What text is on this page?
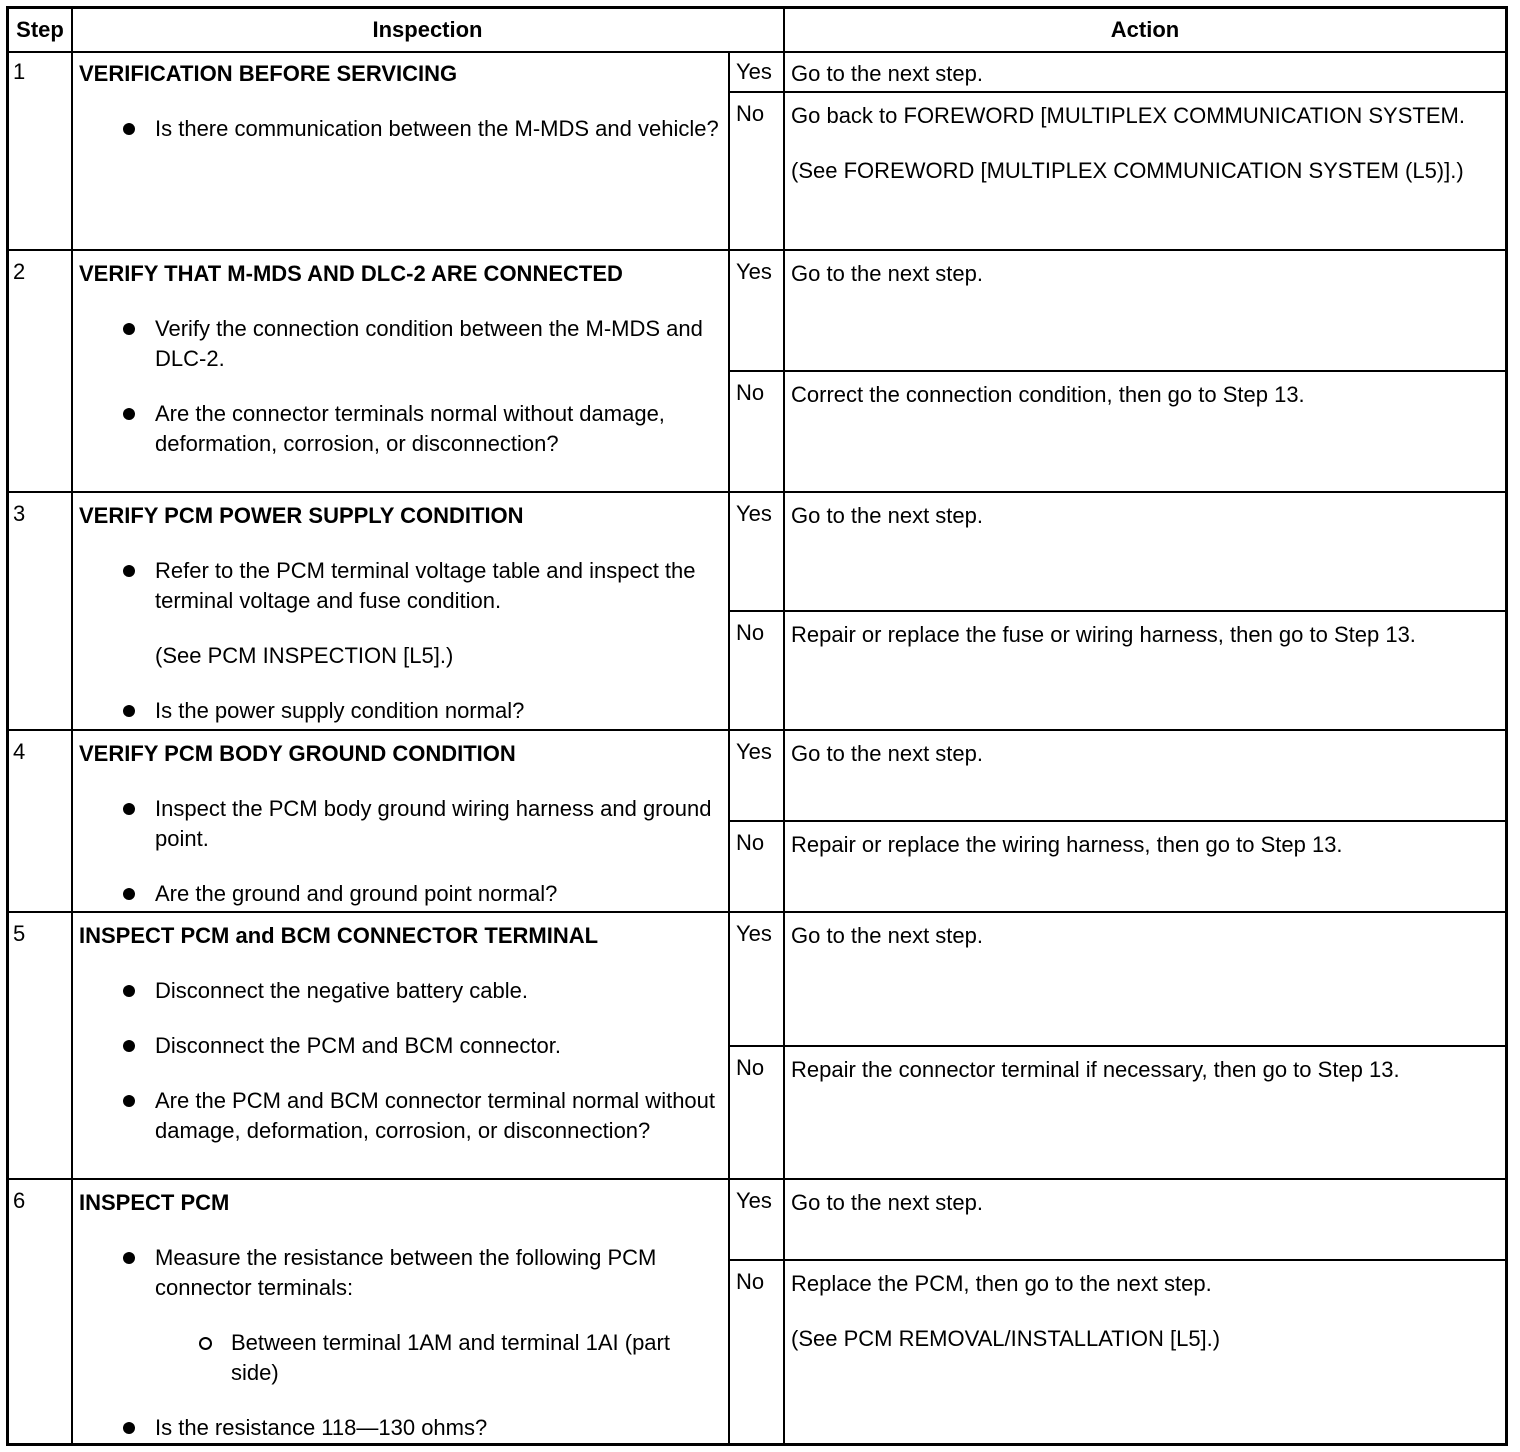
Step	Inspection	Action
1 VERIFICATION BEFORE SERVICING
Is there communication between the M-MDS and vehicle?
Yes Go to the next step.

No Go back to FOREWORD [MULTIPLEX COMMUNICATION SYSTEM.

(See FOREWORD [MULTIPLEX COMMUNICATION SYSTEM (L5)].)

2 VERIFY THAT M-MDS AND DLC-2 ARE CONNECTED
Verify the connection condition between the M-MDS and DLC-2.
Are the connector terminals normal without damage, deformation, corrosion, or disconnection?
Yes Go to the next step.

No Correct the connection condition, then go to Step 13.

3 VERIFY PCM POWER SUPPLY CONDITION
Refer to the PCM terminal voltage table and inspect the terminal voltage and fuse condition.
(See PCM INSPECTION [L5].)
Is the power supply condition normal?
Yes Go to the next step.

No Repair or replace the fuse or wiring harness, then go to Step 13.

4 VERIFY PCM BODY GROUND CONDITION
Inspect the PCM body ground wiring harness and ground point.
Are the ground and ground point normal?
Yes Go to the next step.

No Repair or replace the wiring harness, then go to Step 13.

5 INSPECT PCM and BCM CONNECTOR TERMINAL
Disconnect the negative battery cable.
Disconnect the PCM and BCM connector.
Are the PCM and BCM connector terminal normal without damage, deformation, corrosion, or disconnection?
Yes Go to the next step.

No Repair the connector terminal if necessary, then go to Step 13.

6 INSPECT PCM
Measure the resistance between the following PCM connector terminals:
Between terminal 1AM and terminal 1AI (part side)
Is the resistance 118—130 ohms?
Yes Go to the next step.

No Replace the PCM, then go to the next step.

(See PCM REMOVAL/INSTALLATION [L5].)
